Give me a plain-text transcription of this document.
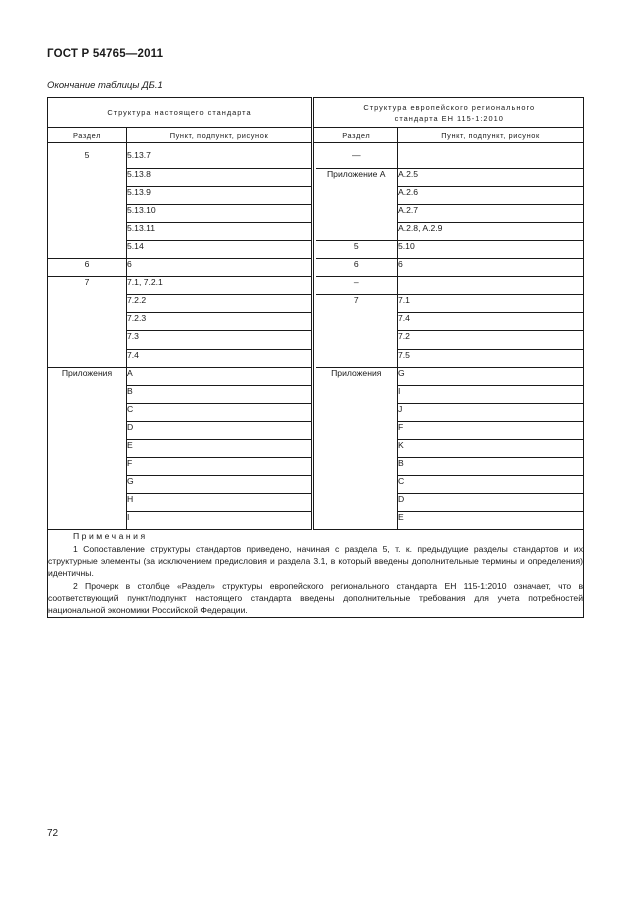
ГОСТ Р 54765—2011
Окончание таблицы ДБ.1
Структура настоящего стандарта			Структура европейского регионального
стандарта ЕН 115-1:2010	
Раздел	Пункт, подпункт, рисунок		Раздел	Пункт, подпункт, рисунок

5	5.13.7		—	
	5.13.8		Приложение А	A.2.5
	5.13.9			A.2.6
	5.13.10			A.2.7
	5.13.11			A.2.8, A.2.9
	5.14		5	5.10
6	6		6	6
7	7.1, 7.2.1		–	
	7.2.2		7	7.1
	7.2.3			7.4
	7.3			7.2
	7.4			7.5
Приложения	A		Приложения	G
	B			I
	C			J
	D			F
	E			K
	F			B
	G			C
	H			D
	I			E

Примечания
1 Сопоставление структуры стандартов приведено, начиная с раздела 5, т. к. предыдущие разделы стандартов и их структурные элементы (за исключением предисловия и раздела 3.1, в который введены дополнительные термины и определения) идентичны.
2 Прочерк в столбце «Раздел» структуры европейского регионального стандарта ЕН 115-1:2010 означает, что в соответствующий пункт/подпункт настоящего стандарта введены дополнительные требования для учета потребностей национальной экономики Российской Федерации.				
72
